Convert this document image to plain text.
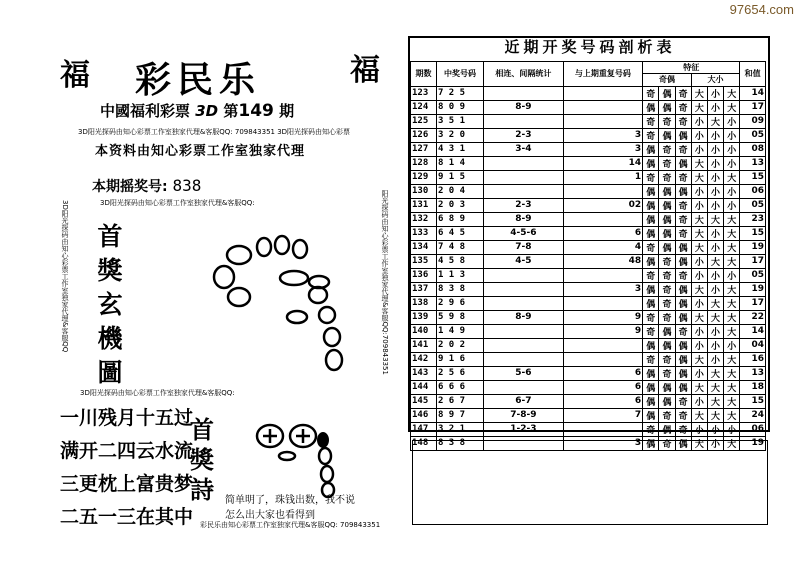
97654.com
福	福
彩民乐
中國福利彩票 3D 第149 期
3D阳光探码由知心彩票工作室独家代理&客服QQ: 709843351 3D阳光探码由知心彩票
本资料由知心彩票工作室独家代理
本期摇奖号: 838
3D阳光探码由知心彩票工作室独家代理&客服QQ:
3D阳光探码由知心彩票工作室独家代理&客服QQ	阳光探码由知心彩票工作室独家代理&客服QQ:709843351
首
獎
玄
機
圖
3D阳光探码由知心彩票工作室独家代理&客服QQ:
一川残月十五过
满开二四云水流
三更枕上富贵梦
二五一三在其中
首
獎
詩	简单明了，珠钱出数，我不说
怎么出大家也看得到
彩民乐由知心彩票工作室独家代理&客服QQ: 709843351
近期开奖号码剖析表
期数	中奖号码	相连、间隔统计	与上期重复号码	特征						和值
				奇偶			大小			
123	7 2 5			奇	偶	奇	大	小	大	14
124	8 0 9	8-9		偶	偶	奇	大	小	大	17
125	3 5 1			奇	奇	奇	小	大	小	09
126	3 2 0	2-3	3	奇	偶	偶	小	小	小	05
127	4 3 1	3-4	3	偶	奇	奇	小	小	小	08
128	8 1 4		14	偶	奇	偶	大	小	小	13
129	9 1 5		1	奇	奇	奇	大	小	大	15
130	2 0 4			偶	偶	偶	小	小	小	06
131	2 0 3	2-3	02	偶	偶	奇	小	小	小	05
132	6 8 9	8-9		偶	偶	奇	大	大	大	23
133	6 4 5	4-5-6	6	偶	偶	奇	大	小	大	15
134	7 4 8	7-8	4	奇	偶	偶	大	小	大	19
135	4 5 8	4-5	48	偶	奇	偶	小	大	大	17
136	1 1 3			奇	奇	奇	小	小	小	05
137	8 3 8		3	偶	奇	偶	大	小	大	19
138	2 9 6			偶	奇	偶	小	大	大	17
139	5 9 8	8-9	9	奇	奇	偶	大	大	大	22
140	1 4 9		9	奇	偶	奇	小	小	大	14
141	2 0 2			偶	偶	偶	小	小	小	04
142	9 1 6			奇	奇	偶	大	小	大	16
143	2 5 6	5-6	6	偶	奇	偶	小	大	大	13
144	6 6 6		6	偶	偶	偶	大	大	大	18
145	2 6 7	6-7	6	偶	偶	奇	小	大	大	15
146	8 9 7	7-8-9	7	偶	奇	奇	大	大	大	24
147	3 2 1	1-2-3		奇	偶	奇	小	小	小	06
148	8 3 8		3	偶	奇	偶	大	小	大	19
